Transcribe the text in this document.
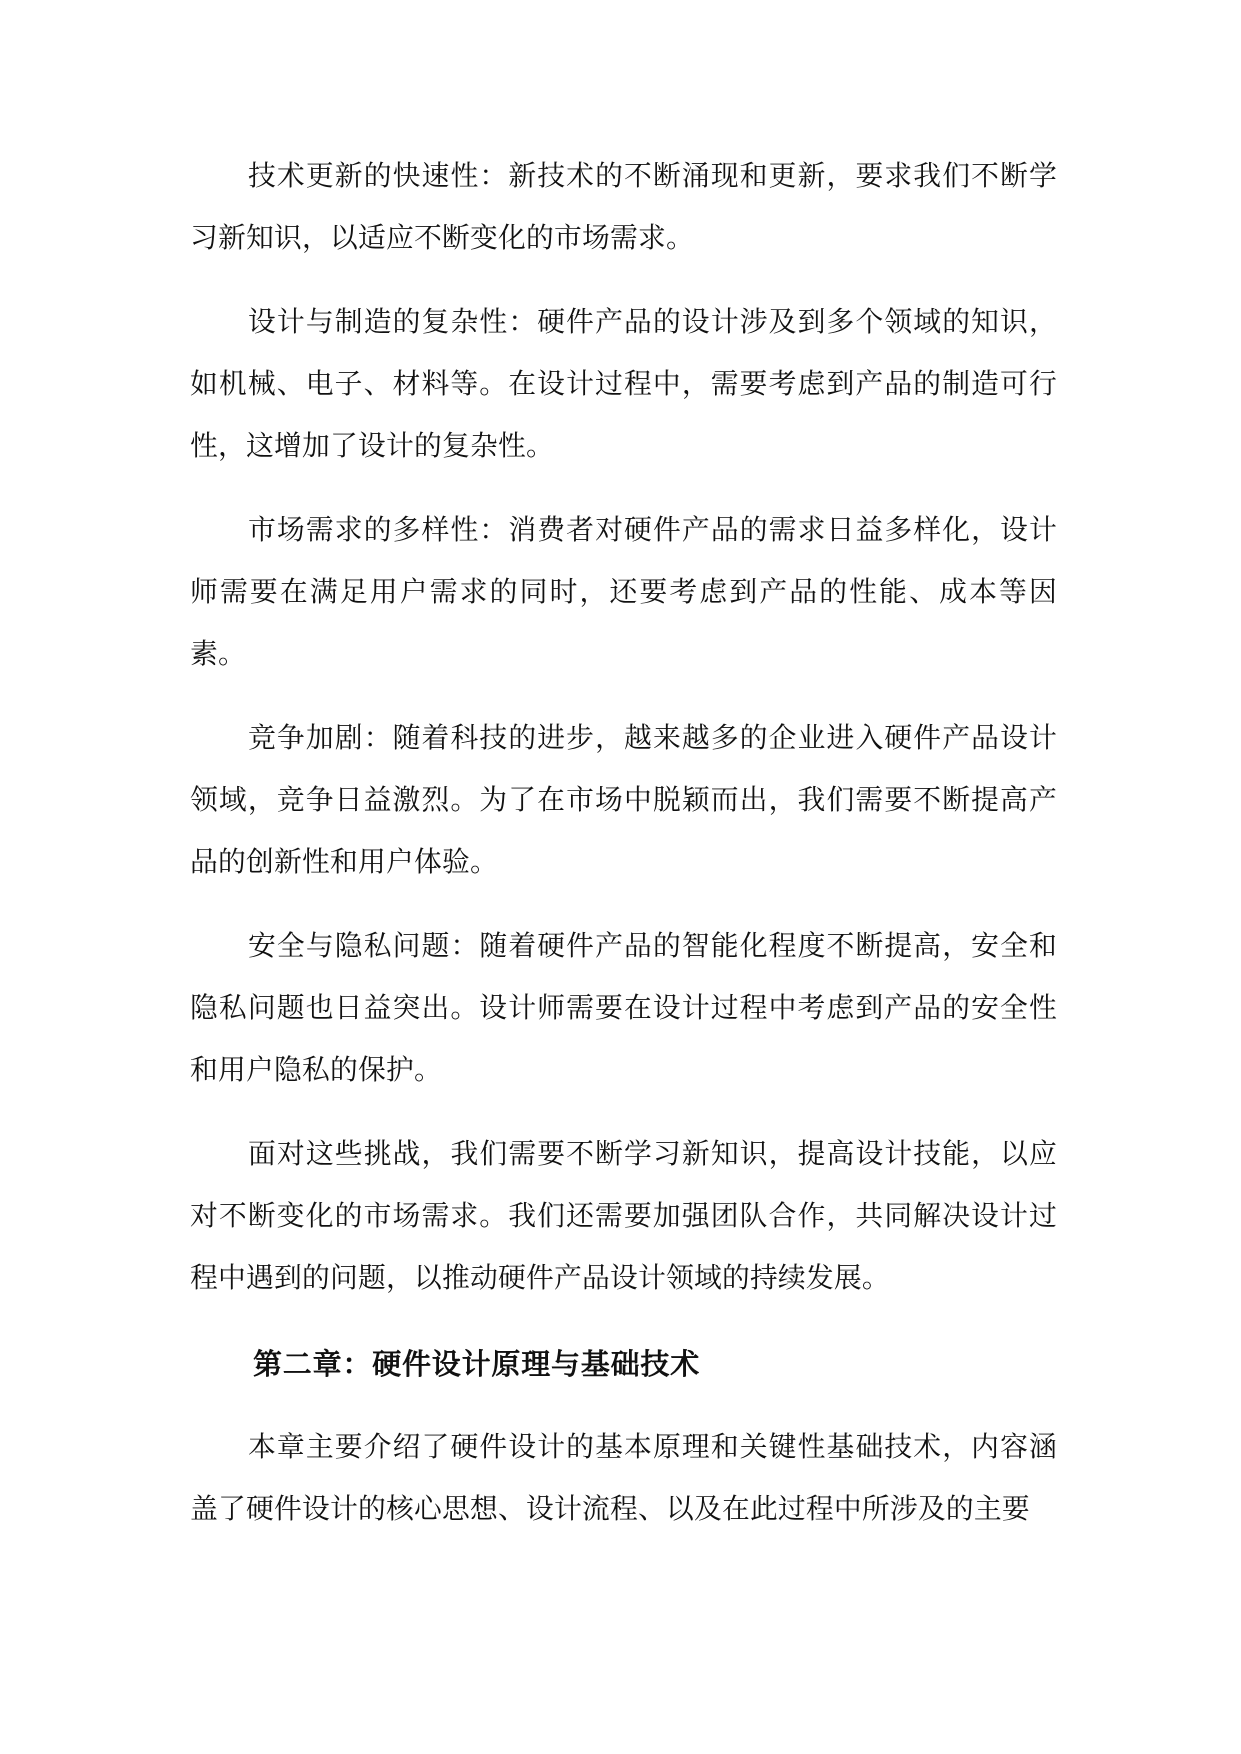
技术更新的快速性：新技术的不断涌现和更新，要求我们不断学习新知识，以适应不断变化的市场需求。

设计与制造的复杂性：硬件产品的设计涉及到多个领域的知识，如机械、电子、材料等。在设计过程中，需要考虑到产品的制造可行性，这增加了设计的复杂性。

市场需求的多样性：消费者对硬件产品的需求日益多样化，设计师需要在满足用户需求的同时，还要考虑到产品的性能、成本等因素。

竞争加剧：随着科技的进步，越来越多的企业进入硬件产品设计领域，竞争日益激烈。为了在市场中脱颖而出，我们需要不断提高产品的创新性和用户体验。

安全与隐私问题：随着硬件产品的智能化程度不断提高，安全和隐私问题也日益突出。设计师需要在设计过程中考虑到产品的安全性和用户隐私的保护。

面对这些挑战，我们需要不断学习新知识，提高设计技能，以应对不断变化的市场需求。我们还需要加强团队合作，共同解决设计过程中遇到的问题，以推动硬件产品设计领域的持续发展。

第二章：硬件设计原理与基础技术

本章主要介绍了硬件设计的基本原理和关键性基础技术，内容涵盖了硬件设计的核心思想、设计流程、以及在此过程中所涉及的主要
